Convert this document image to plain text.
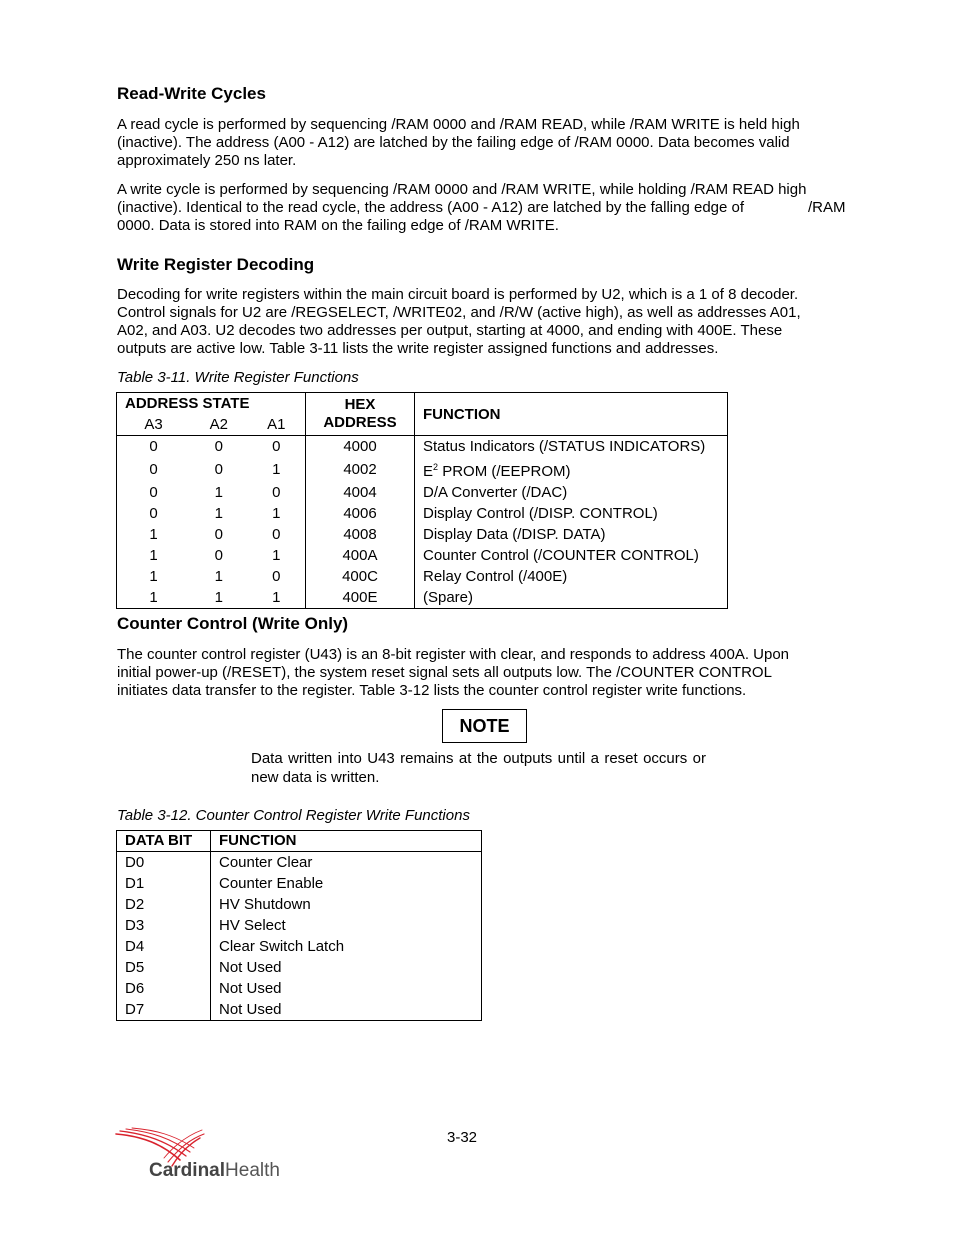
Read-Write Cycles
A read cycle is performed by sequencing /RAM 0000 and /RAM READ, while /RAM WRITE is held high
(inactive). The address (A00 - A12) are latched by the failing edge of /RAM 0000. Data becomes valid
approximately 250 ns later.
A write cycle is performed by sequencing /RAM 0000 and /RAM WRITE, while holding /RAM READ high
(inactive). Identical to the read cycle, the address (A00 - A12) are latched by the falling edge of	/RAM
0000. Data is stored into RAM on the failing edge of /RAM WRITE.
Write Register Decoding
Decoding for write registers within the main circuit board is performed by U2, which is a 1 of 8 decoder.
Control signals for U2 are /REGSELECT, /WRITE02, and /R/W (active high), as well as addresses A01,
A02, and A03. U2 decodes two addresses per output, starting at 4000, and ending with 400E. These
outputs are active low. Table 3-11 lists the write register assigned functions and addresses.
Table 3-11. Write Register Functions
ADDRESS STATE			HEX
ADDRESS	FUNCTION
A3	A2	A1		
0	0	0	4000	Status Indicators (/STATUS INDICATORS)
0	0	1	4002	$E^2$ PROM (/EEPROM)
0	1	0	4004	D/A Converter (/DAC)
0	1	1	4006	Display Control (/DISP. CONTROL)
1	0	0	4008	Display Data (/DISP. DATA)
1	0	1	400A	Counter Control (/COUNTER CONTROL)
1	1	0	400C	Relay Control (/400E)
1	1	1	400E	(Spare)
Counter Control (Write Only)
The counter control register (U43) is an 8-bit register with clear, and responds to address 400A. Upon
initial power-up (/RESET), the system reset signal sets all outputs low. The /COUNTER CONTROL
initiates data transfer to the register. Table 3-12 lists the counter control register write functions.
NOTE

Data written into U43 remains at the outputs until a reset occurs or new data is written.

Table 3-12. Counter Control Register Write Functions
DATA BIT	FUNCTION
D0	Counter Clear
D1	Counter Enable
D2	HV Shutdown
D3	HV Select
D4	Clear Switch Latch
D5	Not Used
D6	Not Used
D7	Not Used
3-32
CardinalHealth
